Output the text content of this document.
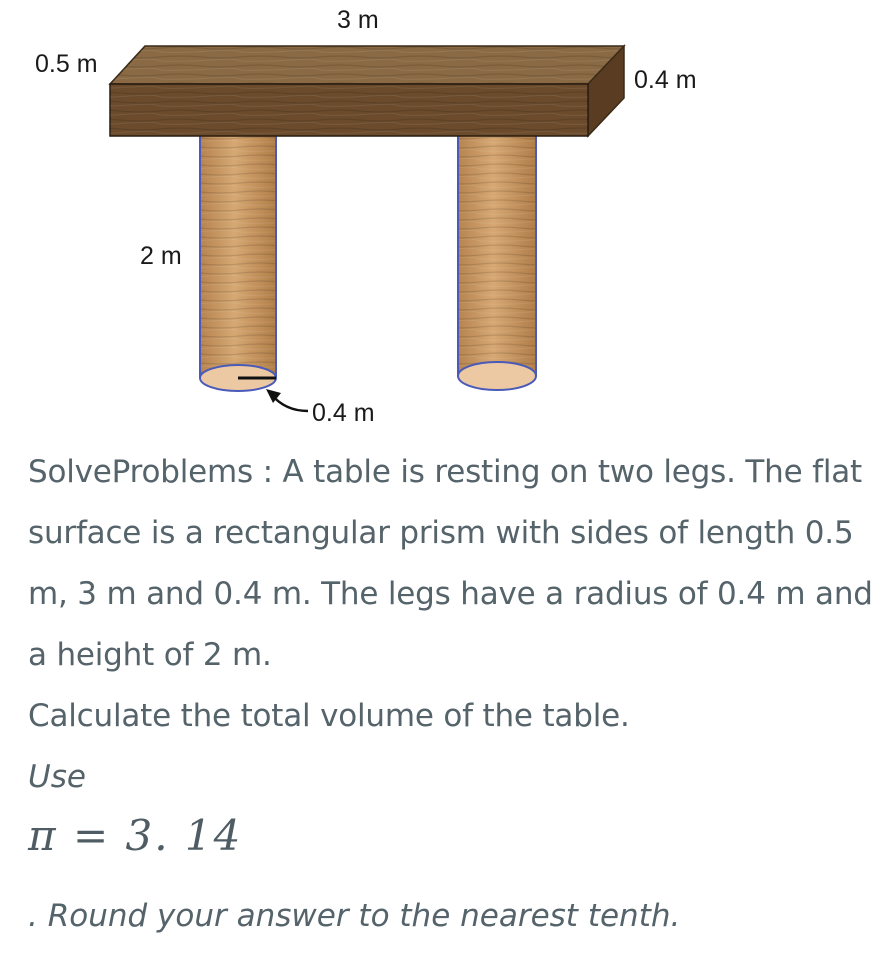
3 m
0.5 m
0.4 m
2 m
0.4 m

SolveProblems : A table is resting on two legs. The flat surface is a rectangular prism with sides of length 0.5 m, 3 m and 0.4 m. The legs have a radius of 0.4 m and a height of 2 m.

Calculate the total volume of the table.

Use

π = 3. 14

. Round your answer to the nearest tenth.
